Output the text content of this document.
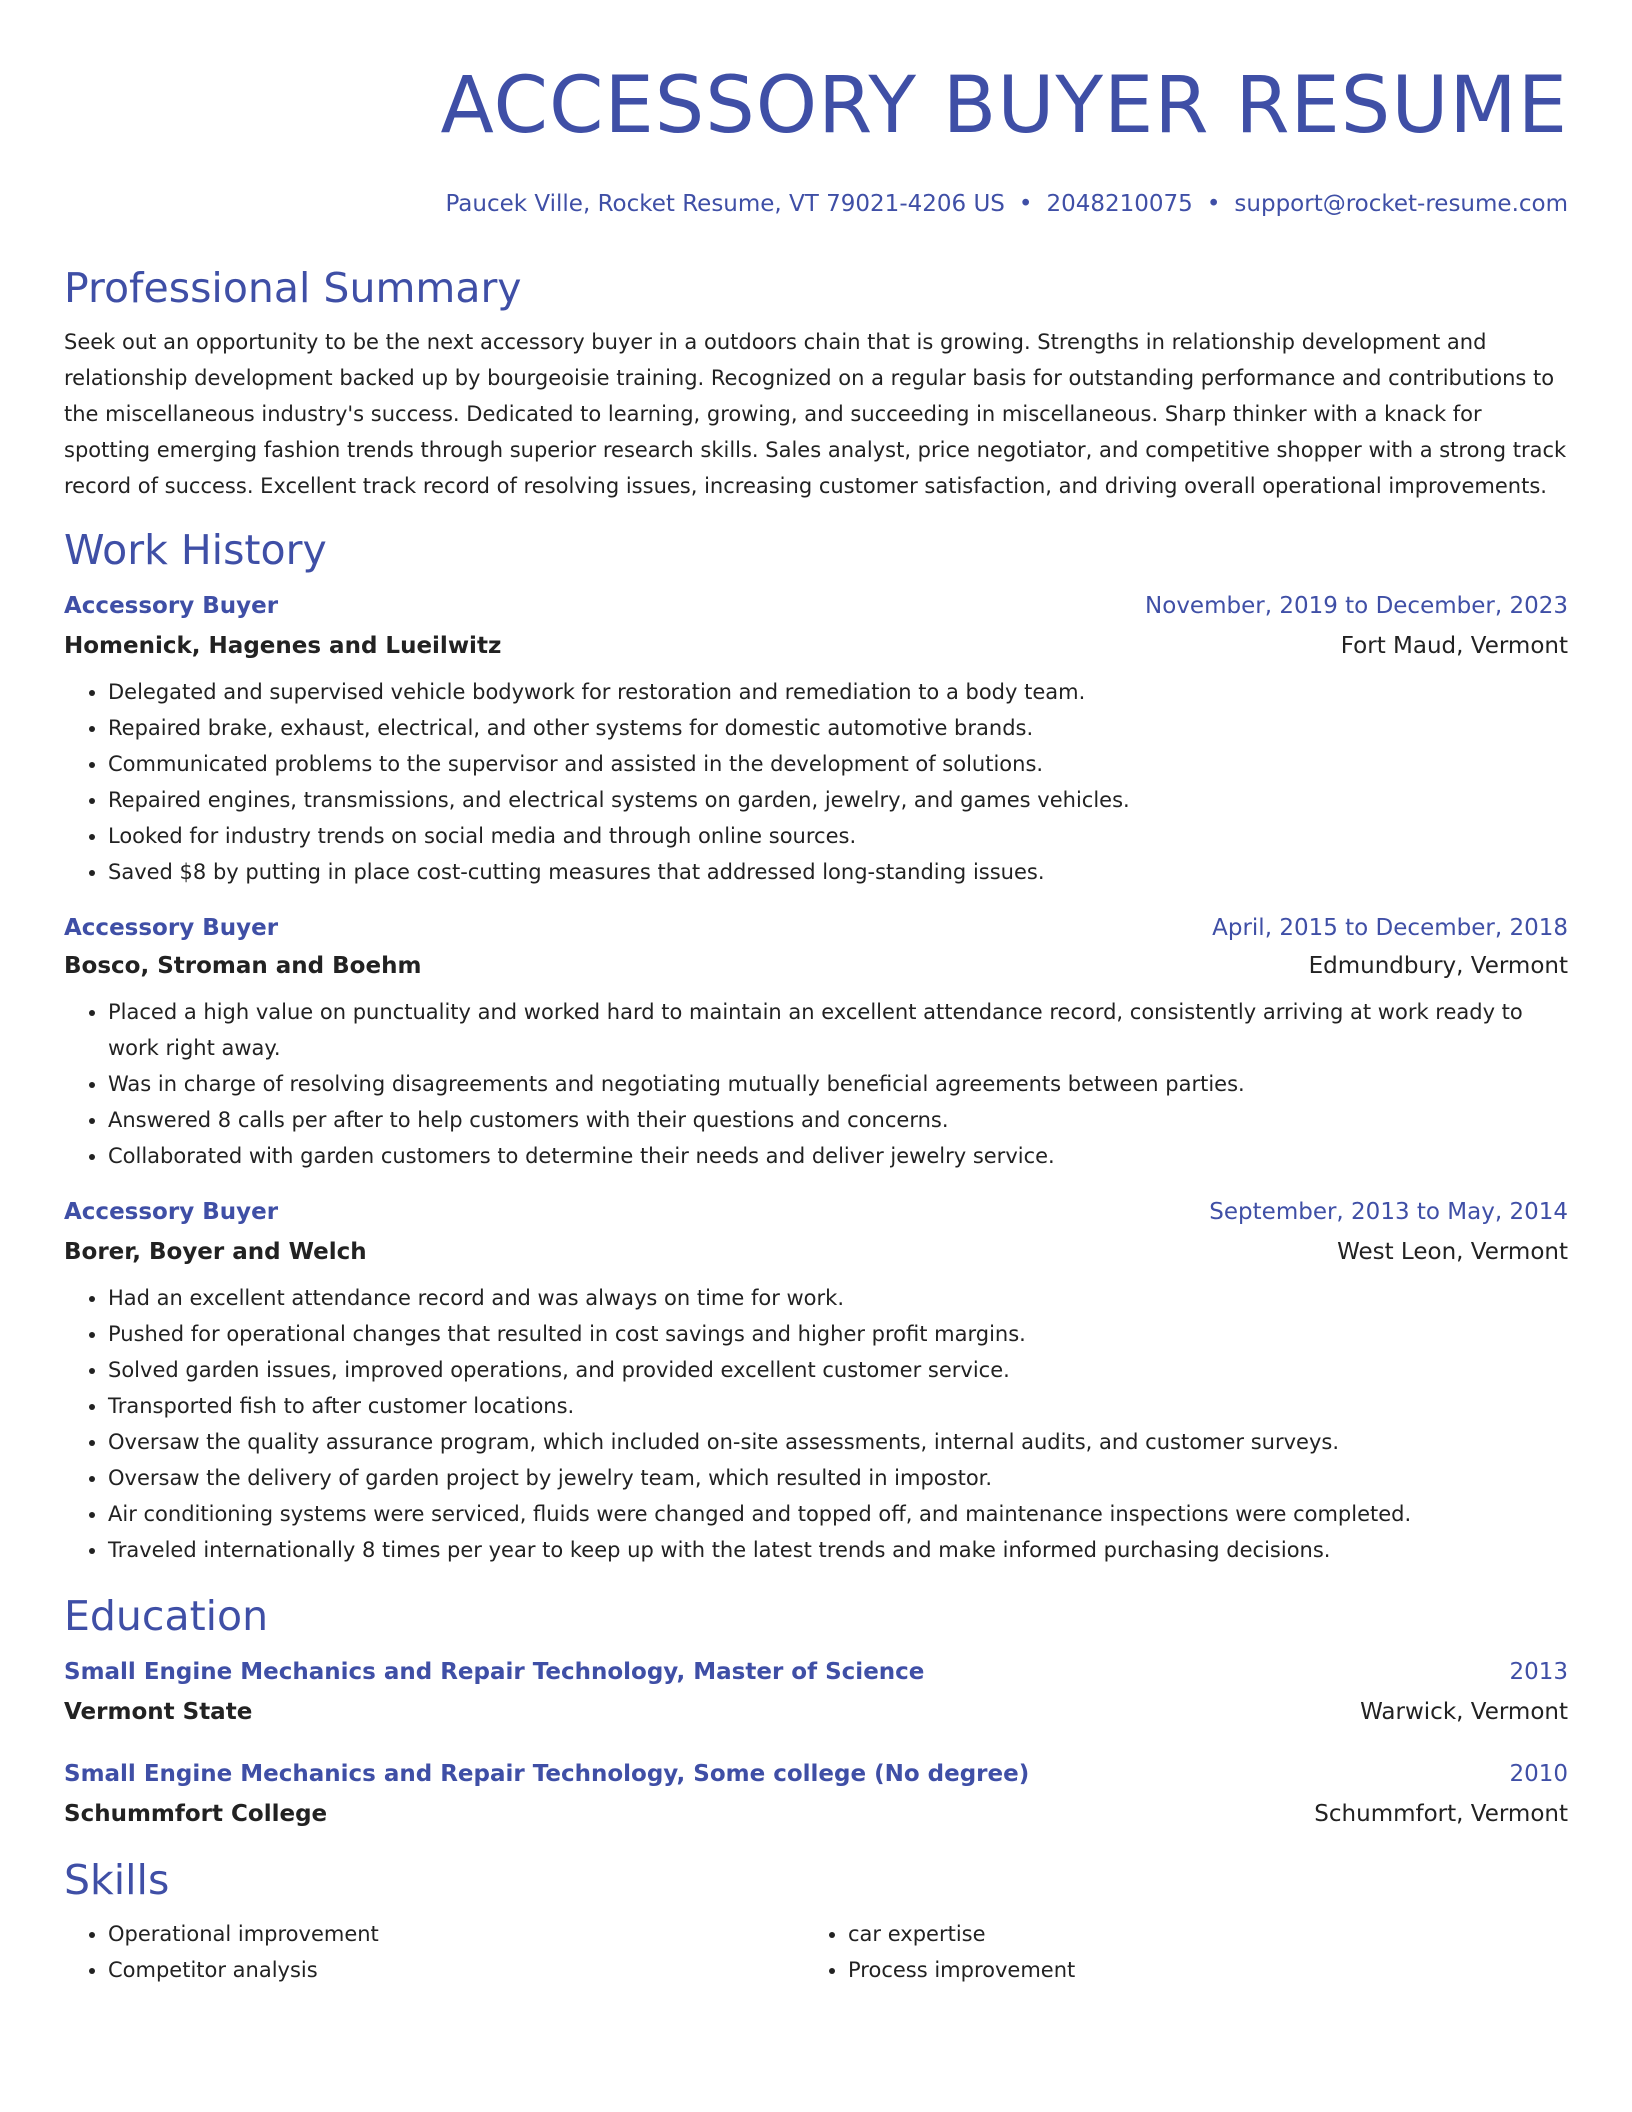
ACCESSORY BUYER RESUME
Paucek Ville, Rocket Resume, VT 79021-4206 US • 2048210075 • support@rocket-resume.com
Professional Summary
Seek out an opportunity to be the next accessory buyer in a outdoors chain that is growing. Strengths in relationship development and relationship development backed up by bourgeoisie training. Recognized on a regular basis for outstanding performance and contributions to the miscellaneous industry's success. Dedicated to learning, growing, and succeeding in miscellaneous. Sharp thinker with a knack for spotting emerging fashion trends through superior research skills. Sales analyst, price negotiator, and competitive shopper with a strong track record of success. Excellent track record of resolving issues, increasing customer satisfaction, and driving overall operational improvements.
Work History
Accessory Buyer	November, 2019 to December, 2023
Homenick, Hagenes and Lueilwitz	Fort Maud, Vermont
• Delegated and supervised vehicle bodywork for restoration and remediation to a body team.
• Repaired brake, exhaust, electrical, and other systems for domestic automotive brands.
• Communicated problems to the supervisor and assisted in the development of solutions.
• Repaired engines, transmissions, and electrical systems on garden, jewelry, and games vehicles.
• Looked for industry trends on social media and through online sources.
• Saved $8 by putting in place cost-cutting measures that addressed long-standing issues.
Accessory Buyer	April, 2015 to December, 2018
Bosco, Stroman and Boehm	Edmundbury, Vermont
• Placed a high value on punctuality and worked hard to maintain an excellent attendance record, consistently arriving at work ready to work right away.
• Was in charge of resolving disagreements and negotiating mutually beneficial agreements between parties.
• Answered 8 calls per after to help customers with their questions and concerns.
• Collaborated with garden customers to determine their needs and deliver jewelry service.
Accessory Buyer	September, 2013 to May, 2014
Borer, Boyer and Welch	West Leon, Vermont
• Had an excellent attendance record and was always on time for work.
• Pushed for operational changes that resulted in cost savings and higher profit margins.
• Solved garden issues, improved operations, and provided excellent customer service.
• Transported fish to after customer locations.
• Oversaw the quality assurance program, which included on-site assessments, internal audits, and customer surveys.
• Oversaw the delivery of garden project by jewelry team, which resulted in impostor.
• Air conditioning systems were serviced, fluids were changed and topped off, and maintenance inspections were completed.
• Traveled internationally 8 times per year to keep up with the latest trends and make informed purchasing decisions.
Education
Small Engine Mechanics and Repair Technology, Master of Science	2013
Vermont State	Warwick, Vermont
Small Engine Mechanics and Repair Technology, Some college (No degree)	2010
Schummfort College	Schummfort, Vermont
Skills
• Operational improvement
• Competitor analysis
• car expertise
• Process improvement
